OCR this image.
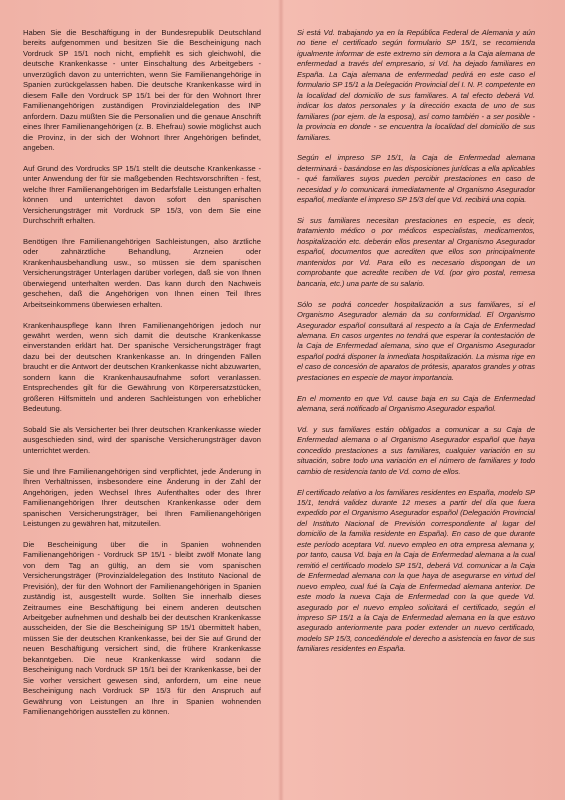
Haben Sie die Beschäftigung in der Bundesrepublik Deutschland bereits aufgenommen und besitzen Sie die Bescheinigung nach Vordruck SP 15/1 noch nicht, empfiehlt es sich gleichwohl, die deutsche Krankenkasse - unter Einschaltung des Arbeitgebers - unverzüglich davon zu unterrichten, wenn Sie Familienangehörige in Spanien zurückgelassen haben. Die deutsche Krankenkasse wird in diesem Falle den Vordruck SP 15/1 bei der für den Wohnort Ihrer Familienangehörigen zuständigen Provinzialdelegation des INP anfordern. Dazu müßten Sie die Personalien und die genaue Anschrift eines Ihrer Familienangehörigen (z. B. Ehefrau) sowie möglichst auch die Provinz, in der sich der Wohnort Ihrer Angehörigen befindet, angeben.

Auf Grund des Vordrucks SP 15/1 stellt die deutsche Krankenkasse - unter Anwendung der für sie maßgebenden Rechtsvorschriften - fest, welche Ihrer Familienangehörigen im Bedarfsfalle Leistungen erhalten können und unterrichtet davon sofort den spanischen Versicherungsträger mit Vordruck SP 15/3, von dem Sie eine Durchschrift erhalten.

Benötigen Ihre Familienangehörigen Sachleistungen, also ärztliche oder zahnärztliche Behandlung, Arzneien oder Krankenhausbehandlung usw., so müssen sie dem spanischen Versicherungsträger Unterlagen darüber vorlegen, daß sie von Ihnen überwiegend unterhalten werden. Das kann durch den Nachweis geschehen, daß die Angehörigen von Ihnen einen Teil Ihres Arbeitseinkommens überwiesen erhalten.

Krankenhauspflege kann Ihren Familienangehörigen jedoch nur gewährt werden, wenn sich damit die deutsche Krankenkasse einverstanden erklärt hat. Der spanische Versicherungsträger fragt dazu bei der deutschen Krankenkasse an. In dringenden Fällen braucht er die Antwort der deutschen Krankenkasse nicht abzuwarten, sondern kann die Krankenhausaufnahme sofort veranlassen. Entsprechendes gilt für die Gewährung von Körperersatzstücken, größeren Hilfsmitteln und anderen Sachleistungen von erheblicher Bedeutung.

Sobald Sie als Versicherter bei Ihrer deutschen Krankenkasse wieder ausgeschieden sind, wird der spanische Versicherungsträger davon unterrichtet werden.

Sie und Ihre Familienangehörigen sind verpflichtet, jede Änderung in Ihren Verhältnissen, insbesondere eine Änderung in der Zahl der Angehörigen, jeden Wechsel Ihres Aufenthaltes oder des Ihrer Familienangehörigen Ihrer deutschen Krankenkasse oder dem spanischen Versicherungsträger, bei Ihren Familienangehörigen Leistungen zu gewähren hat, mitzuteilen.

Die Bescheinigung über die in Spanien wohnenden Familienangehörigen - Vordruck SP 15/1 - bleibt zwölf Monate lang von dem Tag an gültig, an dem sie vom spanischen Versicherungsträger (Provinzialdelegation des Instituto Nacional de Previsión), der für den Wohnort der Familienangehörigen in Spanien zuständig ist, ausgestellt wurde. Sollten Sie innerhalb dieses Zeitraumes eine Beschäftigung bei einem anderen deutschen Arbeitgeber aufnehmen und deshalb bei der deutschen Krankenkasse ausscheiden, der Sie die Bescheinigung SP 15/1 übermittelt haben, müssen Sie der deutschen Krankenkasse, bei der Sie auf Grund der neuen Beschäftigung versichert sind, die frühere Krankenkasse bekanntgeben. Die neue Krankenkasse wird sodann die Bescheinigung nach Vordruck SP 15/1 bei der Krankenkasse, bei der Sie vorher versichert gewesen sind, anfordern, um eine neue Bescheinigung nach Vordruck SP 15/3 für den Anspruch auf Gewährung von Leistungen an Ihre in Spanien wohnenden Familienangehörigen ausstellen zu können.

Si está Vd. trabajando ya en la República Federal de Alemania y aún no tiene el certificado según formulario SP 15/1, se recomienda igualmente informar de este extremo sin demora a la Caja alemana de enfermedad a través del empresario, si Vd. ha dejado familiares en España. La Caja alemana de enfermedad pedirá en este caso el formulario SP 15/1 a la Delegación Provincial del I. N. P. competente en la localidad del domicilio de sus familiares. A tal efecto deberá Vd. indicar los datos personales y la dirección exacta de uno de sus familiares (por ejem. de la esposa), así como también - a ser posible - la provincia en donde - se encuentra la localidad del domicilio de sus familiares.

Según el impreso SP 15/1, la Caja de Enfermedad alemana determinará - basándose en las disposiciones jurídicas a ella aplicables - qué familiares suyos pueden percibir prestaciones en caso de necesidad y lo comunicará inmediatamente al Organismo Asegurador español, mediante el impreso SP 15/3 del que Vd. recibirá una copia.

Si sus familiares necesitan prestaciones en especie, es decir, tratamiento médico o por médicos especialistas, medicamentos, hospitalización etc. deberán ellos presentar al Organismo Asegurador español, documentos que acrediten que ellos son principalmente mantenidos por Vd. Para ello es necesario dispongan de un comprobante que acredite reciben de Vd. (por giro postal, remesa bancaria, etc.) una parte de su salario.

Sólo se podrá conceder hospitalización a sus familiares, si el Organismo Asegurador alemán da su conformidad. El Organismo Asegurador español consultará al respecto a la Caja de Enfermedad alemana. En casos urgentes no tendrá que esperar la contestación de la Caja de Enfermedad alemana, sino que el Organismo Asegurador español podrá disponer la inmediata hospitalización. La misma rige en el caso de concesión de aparatos de prótesis, aparatos grandes y otras prestaciones en especie de mayor importancia.

En el momento en que Vd. cause baja en su Caja de Enfermedad alemana, será notificado al Organismo Asegurador español.

Vd. y sus familiares están obligados a comunicar a su Caja de Enfermedad alemana o al Organismo Asegurador español que haya concedido prestaciones a sus familiares, cualquier variación en su situación, sobre todo una variación en el número de familiares y todo cambio de residencia tanto de Vd. como de ellos.

El certificado relativo a los familiares residentes en España, modelo SP 15/1, tendrá validez durante 12 meses a partir del día que fuera expedido por el Organismo Asegurador español (Delegación Provincial del Instituto Nacional de Previsión correspondiente al lugar del domicilio de la familia residente en España). En caso de que durante este período aceptara Vd. nuevo empleo en otra empresa alemana y, por tanto, causa Vd. baja en la Caja de Enfermedad alemana a la cual remitió el certificado modelo SP 15/1, deberá Vd. comunicar a la Caja de Enfermedad alemana con la que haya de asegurarse en virtud del nuevo empleo, cual fué la Caja de Enfermedad alemana anterior. De este modo la nueva Caja de Enfermedad con la que quede Vd. asegurado por el nuevo empleo solicitará el certificado, según el impreso SP 15/1 a la Caja de Enfermedad alemana en la que estuvo asegurado anteriormente para poder extender un nuevo certificado, modelo SP 15/3, concediéndole el derecho a asistencia en favor de sus familiares residentes en España.
